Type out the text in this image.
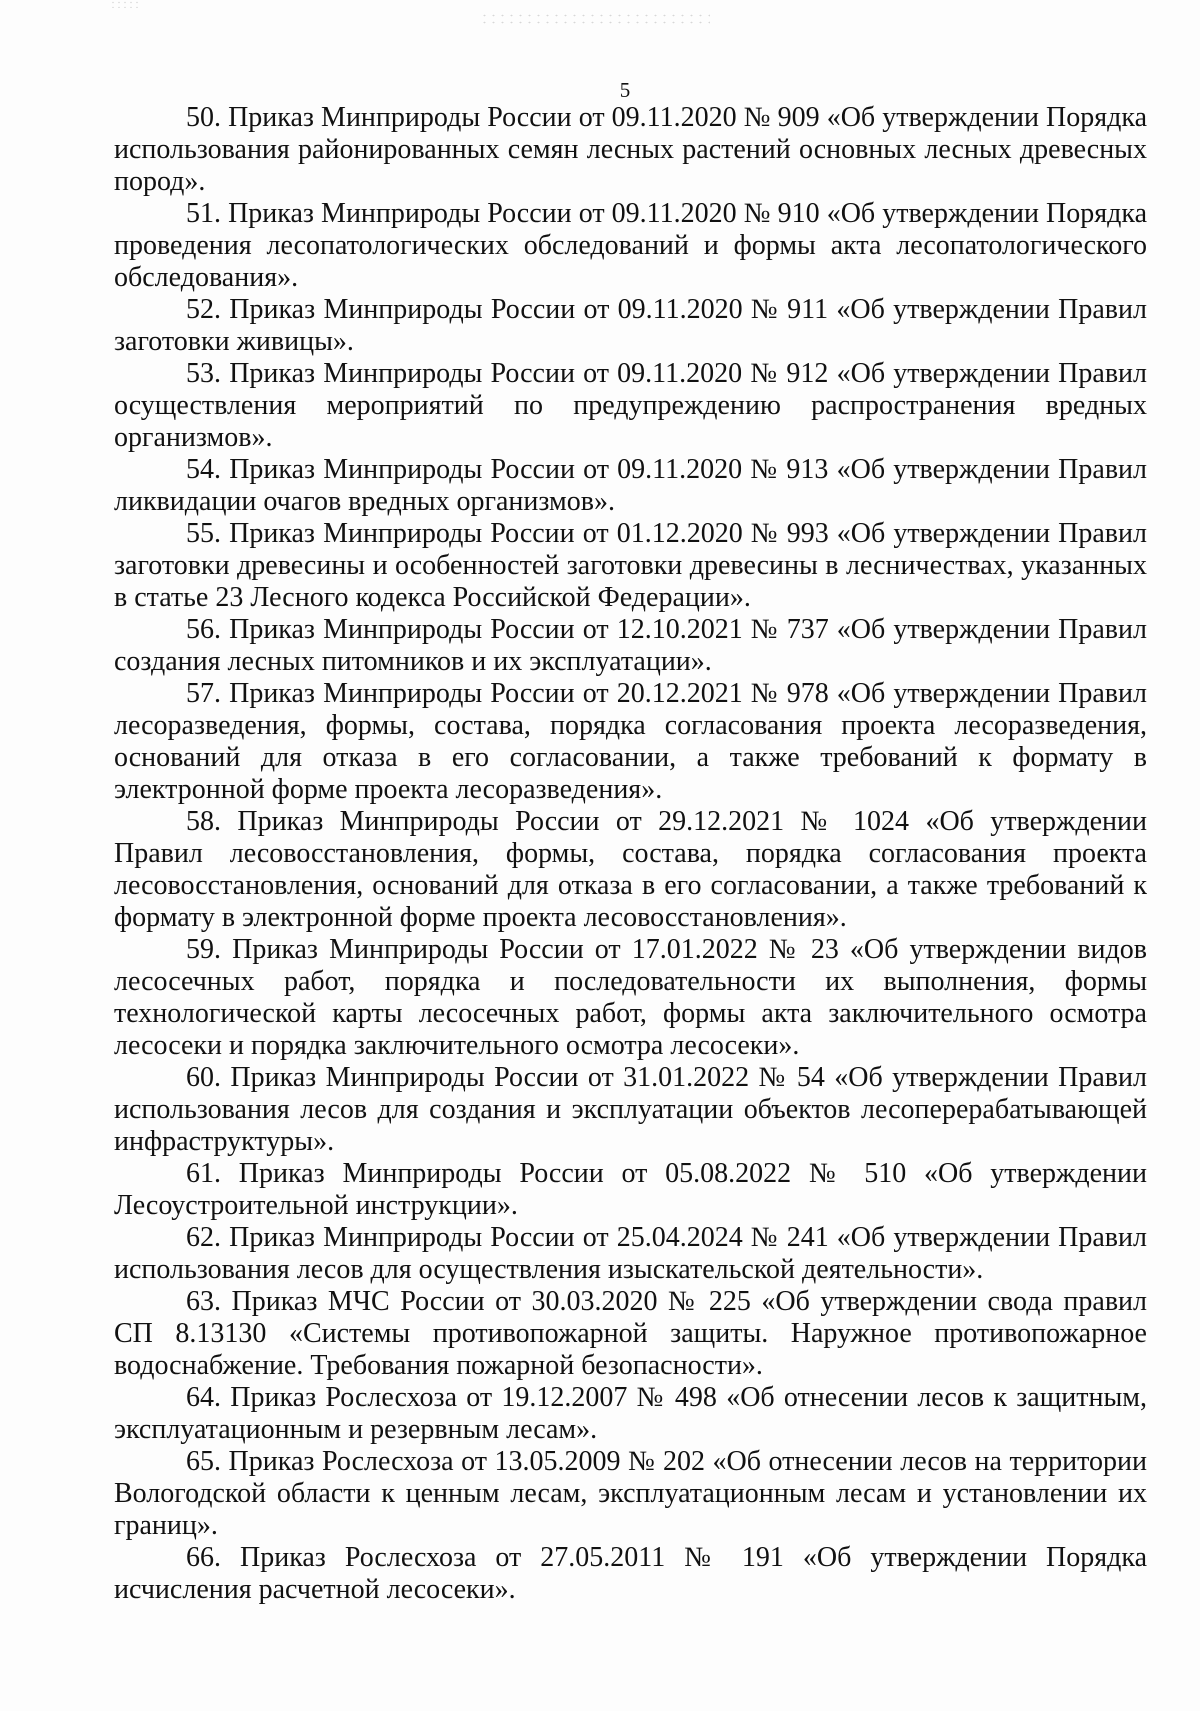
5

50. Приказ Минприроды России от 09.11.2020 № 909 «Об утверждении Порядка использования районированных семян лесных растений основных лесных древесных пород».

51. Приказ Минприроды России от 09.11.2020 № 910 «Об утверждении Порядка проведения лесопатологических обследований и формы акта лесопатологического обследования».

52. Приказ Минприроды России от 09.11.2020 № 911 «Об утверждении Правил заготовки живицы».

53. Приказ Минприроды России от 09.11.2020 № 912 «Об утверждении Правил осуществления мероприятий по предупреждению распространения вредных организмов».

54. Приказ Минприроды России от 09.11.2020 № 913 «Об утверждении Правил ликвидации очагов вредных организмов».

55. Приказ Минприроды России от 01.12.2020 № 993 «Об утверждении Правил заготовки древесины и особенностей заготовки древесины в лесничествах, указанных в статье 23 Лесного кодекса Российской Федерации».

56. Приказ Минприроды России от 12.10.2021 № 737 «Об утверждении Правил создания лесных питомников и их эксплуатации».

57. Приказ Минприроды России от 20.12.2021 № 978 «Об утверждении Правил лесоразведения, формы, состава, порядка согласования проекта лесоразведения, оснований для отказа в его согласовании, а также требований к формату в электронной форме проекта лесоразведения».

58. Приказ Минприроды России от 29.12.2021 № 1024 «Об утверждении Правил лесовосстановления, формы, состава, порядка согласования проекта лесовосстановления, оснований для отказа в его согласовании, а также требований к формату в электронной форме проекта лесовосстановления».

59. Приказ Минприроды России от 17.01.2022 № 23 «Об утверждении видов лесосечных работ, порядка и последовательности их выполнения, формы технологической карты лесосечных работ, формы акта заключительного осмотра лесосеки и порядка заключительного осмотра лесосеки».

60. Приказ Минприроды России от 31.01.2022 № 54 «Об утверждении Правил использования лесов для создания и эксплуатации объектов лесоперерабатывающей инфраструктуры».

61. Приказ Минприроды России от 05.08.2022 № 510 «Об утверждении Лесоустроительной инструкции».

62. Приказ Минприроды России от 25.04.2024 № 241 «Об утверждении Правил использования лесов для осуществления изыскательской деятельности».

63. Приказ МЧС России от 30.03.2020 № 225 «Об утверждении свода правил СП 8.13130 «Системы противопожарной защиты. Наружное противопожарное водоснабжение. Требования пожарной безопасности».

64. Приказ Рослесхоза от 19.12.2007 № 498 «Об отнесении лесов к защитным, эксплуатационным и резервным лесам».

65. Приказ Рослесхоза от 13.05.2009 № 202 «Об отнесении лесов на территории Вологодской области к ценным лесам, эксплуатационным лесам и установлении их границ».

66. Приказ Рослесхоза от 27.05.2011 № 191 «Об утверждении Порядка исчисления расчетной лесосеки».
